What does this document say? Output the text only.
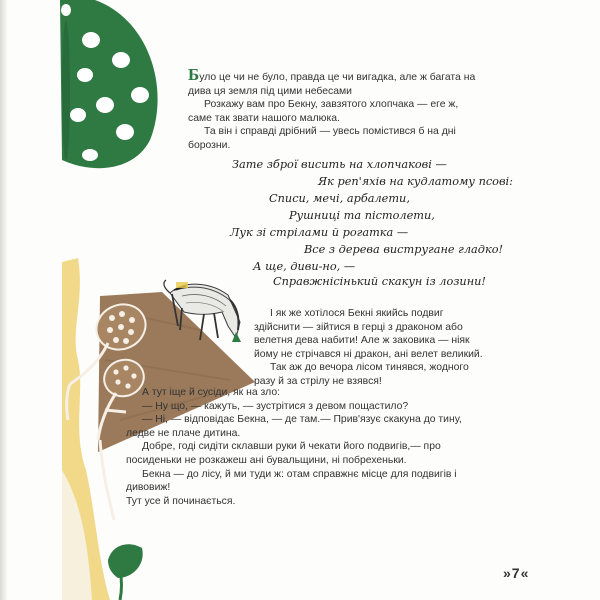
Було це чи не було, правда це чи вигадка, але ж багата на дива ця земля під цими небесами

Розкажу вам про Бекну, завзятого хлопчака — еге ж, саме так звати нашого малюка.

Та він і справді дрібний — увесь помістився б на дні борозни.

Зате зброї висить на хлопчакові —
Як реп'яхів на кудлатому псові:
Списи, мечі, арбалети,
Рушниці та пістолети,
Лук зі стрілами й рогатка —
Все з дерева вистругане гладко!
А ще, диви-но, —
Справжнісінький скакун із лозини!

І як же хотілося Бекні якийсь подвиг здійснити — зійтися в герці з драконом або велетня дева набити! Але ж заковика — ніяк йому не стрічався ні дракон, ані велет великий.

Так аж до вечора лісом тинявся, жодного разу й за стрілу не взявся!

А тут іще й сусіди, як на зло:

— Ну що, — кажуть, — зустрітися з девом пощастило?

— Ні, — відповідає Бекна, — де там.— Прив'язує скакуна до тину, ледве не плаче дитина.

Добре, годі сидіти склавши руки й чекати його подвигів,— про посиденьки не розкажеш ані бувальщини, ні побрехеньки.

Бекна — до лісу, й ми туди ж: отам справжнє місце для подвигів і дивовиж!

Тут усе й починається.

»7«
